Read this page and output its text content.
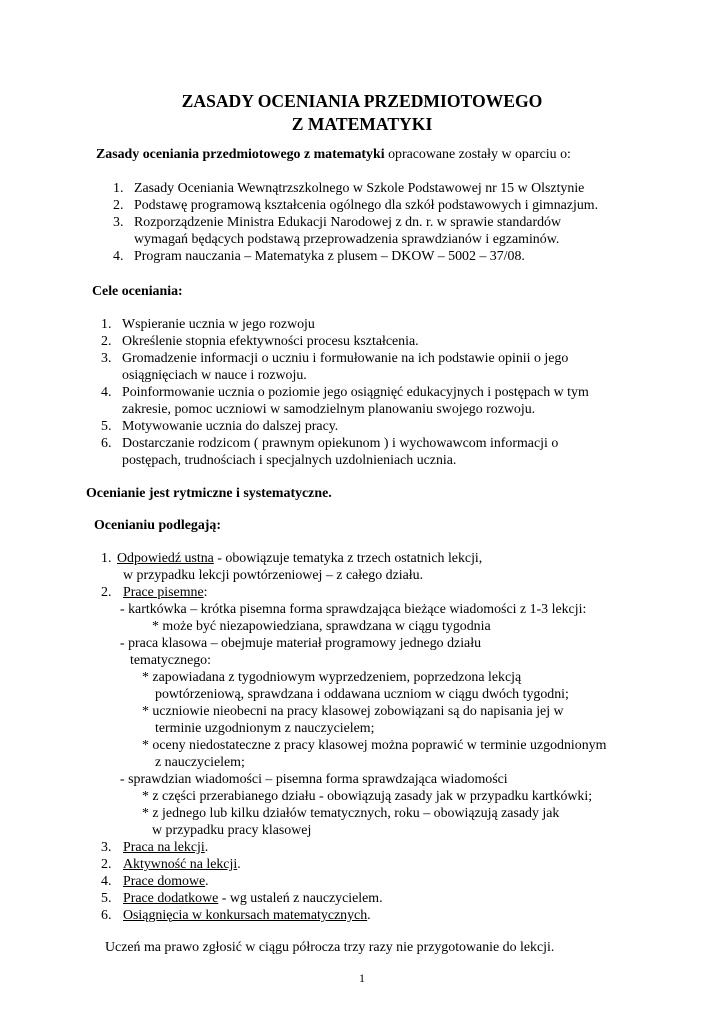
ZASADY OCENIANIA PRZEDMIOTOWEGO
Z MATEMATYKI
Zasady oceniania przedmiotowego z matematyki opracowane zostały w oparciu o:
1. Zasady Oceniania Wewnątrzszkolnego w Szkole Podstawowej nr 15 w Olsztynie
2. Podstawę programową kształcenia ogólnego dla szkół podstawowych i gimnazjum.
3. Rozporządzenie Ministra Edukacji Narodowej z dn. r. w sprawie standardów
wymagań będących podstawą przeprowadzenia sprawdzianów i egzaminów.
4. Program nauczania – Matematyka z plusem – DKOW – 5002 – 37/08.
Cele oceniania:
1. Wspieranie ucznia w jego rozwoju
2. Określenie stopnia efektywności procesu kształcenia.
3. Gromadzenie informacji o uczniu i formułowanie na ich podstawie opinii o jego
osiągnięciach w nauce i rozwoju.
4. Poinformowanie ucznia o poziomie jego osiągnięć edukacyjnych i postępach w tym
zakresie, pomoc uczniowi w samodzielnym planowaniu swojego rozwoju.
5. Motywowanie ucznia do dalszej pracy.
6. Dostarczanie rodzicom ( prawnym opiekunom ) i wychowawcom informacji o
postępach, trudnościach i specjalnych uzdolnieniach ucznia.
Ocenianie jest rytmiczne i systematyczne.
Ocenianiu podlegają:
1. Odpowiedź ustna - obowiązuje tematyka z trzech ostatnich lekcji,
w przypadku lekcji powtórzeniowej – z całego działu.
2. Prace pisemne:
- kartkówka – krótka pisemna forma sprawdzająca bieżące wiadomości z 1-3 lekcji:
* może być niezapowiedziana, sprawdzana w ciągu tygodnia
- praca klasowa – obejmuje materiał programowy jednego działu
tematycznego:
* zapowiadana z tygodniowym wyprzedzeniem, poprzedzona lekcją
powtórzeniową, sprawdzana i oddawana uczniom w ciągu dwóch tygodni;
* uczniowie nieobecni na pracy klasowej zobowiązani są do napisania jej w
terminie uzgodnionym z nauczycielem;
* oceny niedostateczne z pracy klasowej można poprawić w terminie uzgodnionym
z nauczycielem;
- sprawdzian wiadomości – pisemna forma sprawdzająca wiadomości
* z części przerabianego działu - obowiązują zasady jak w przypadku kartkówki;
* z jednego lub kilku działów tematycznych, roku – obowiązują zasady jak
w przypadku pracy klasowej
3. Praca na lekcji.
2. Aktywność na lekcji.
4. Prace domowe.
5. Prace dodatkowe - wg ustaleń z nauczycielem.
6. Osiągnięcia w konkursach matematycznych.
Uczeń ma prawo zgłosić w ciągu półrocza trzy razy nie przygotowanie do lekcji.
1
